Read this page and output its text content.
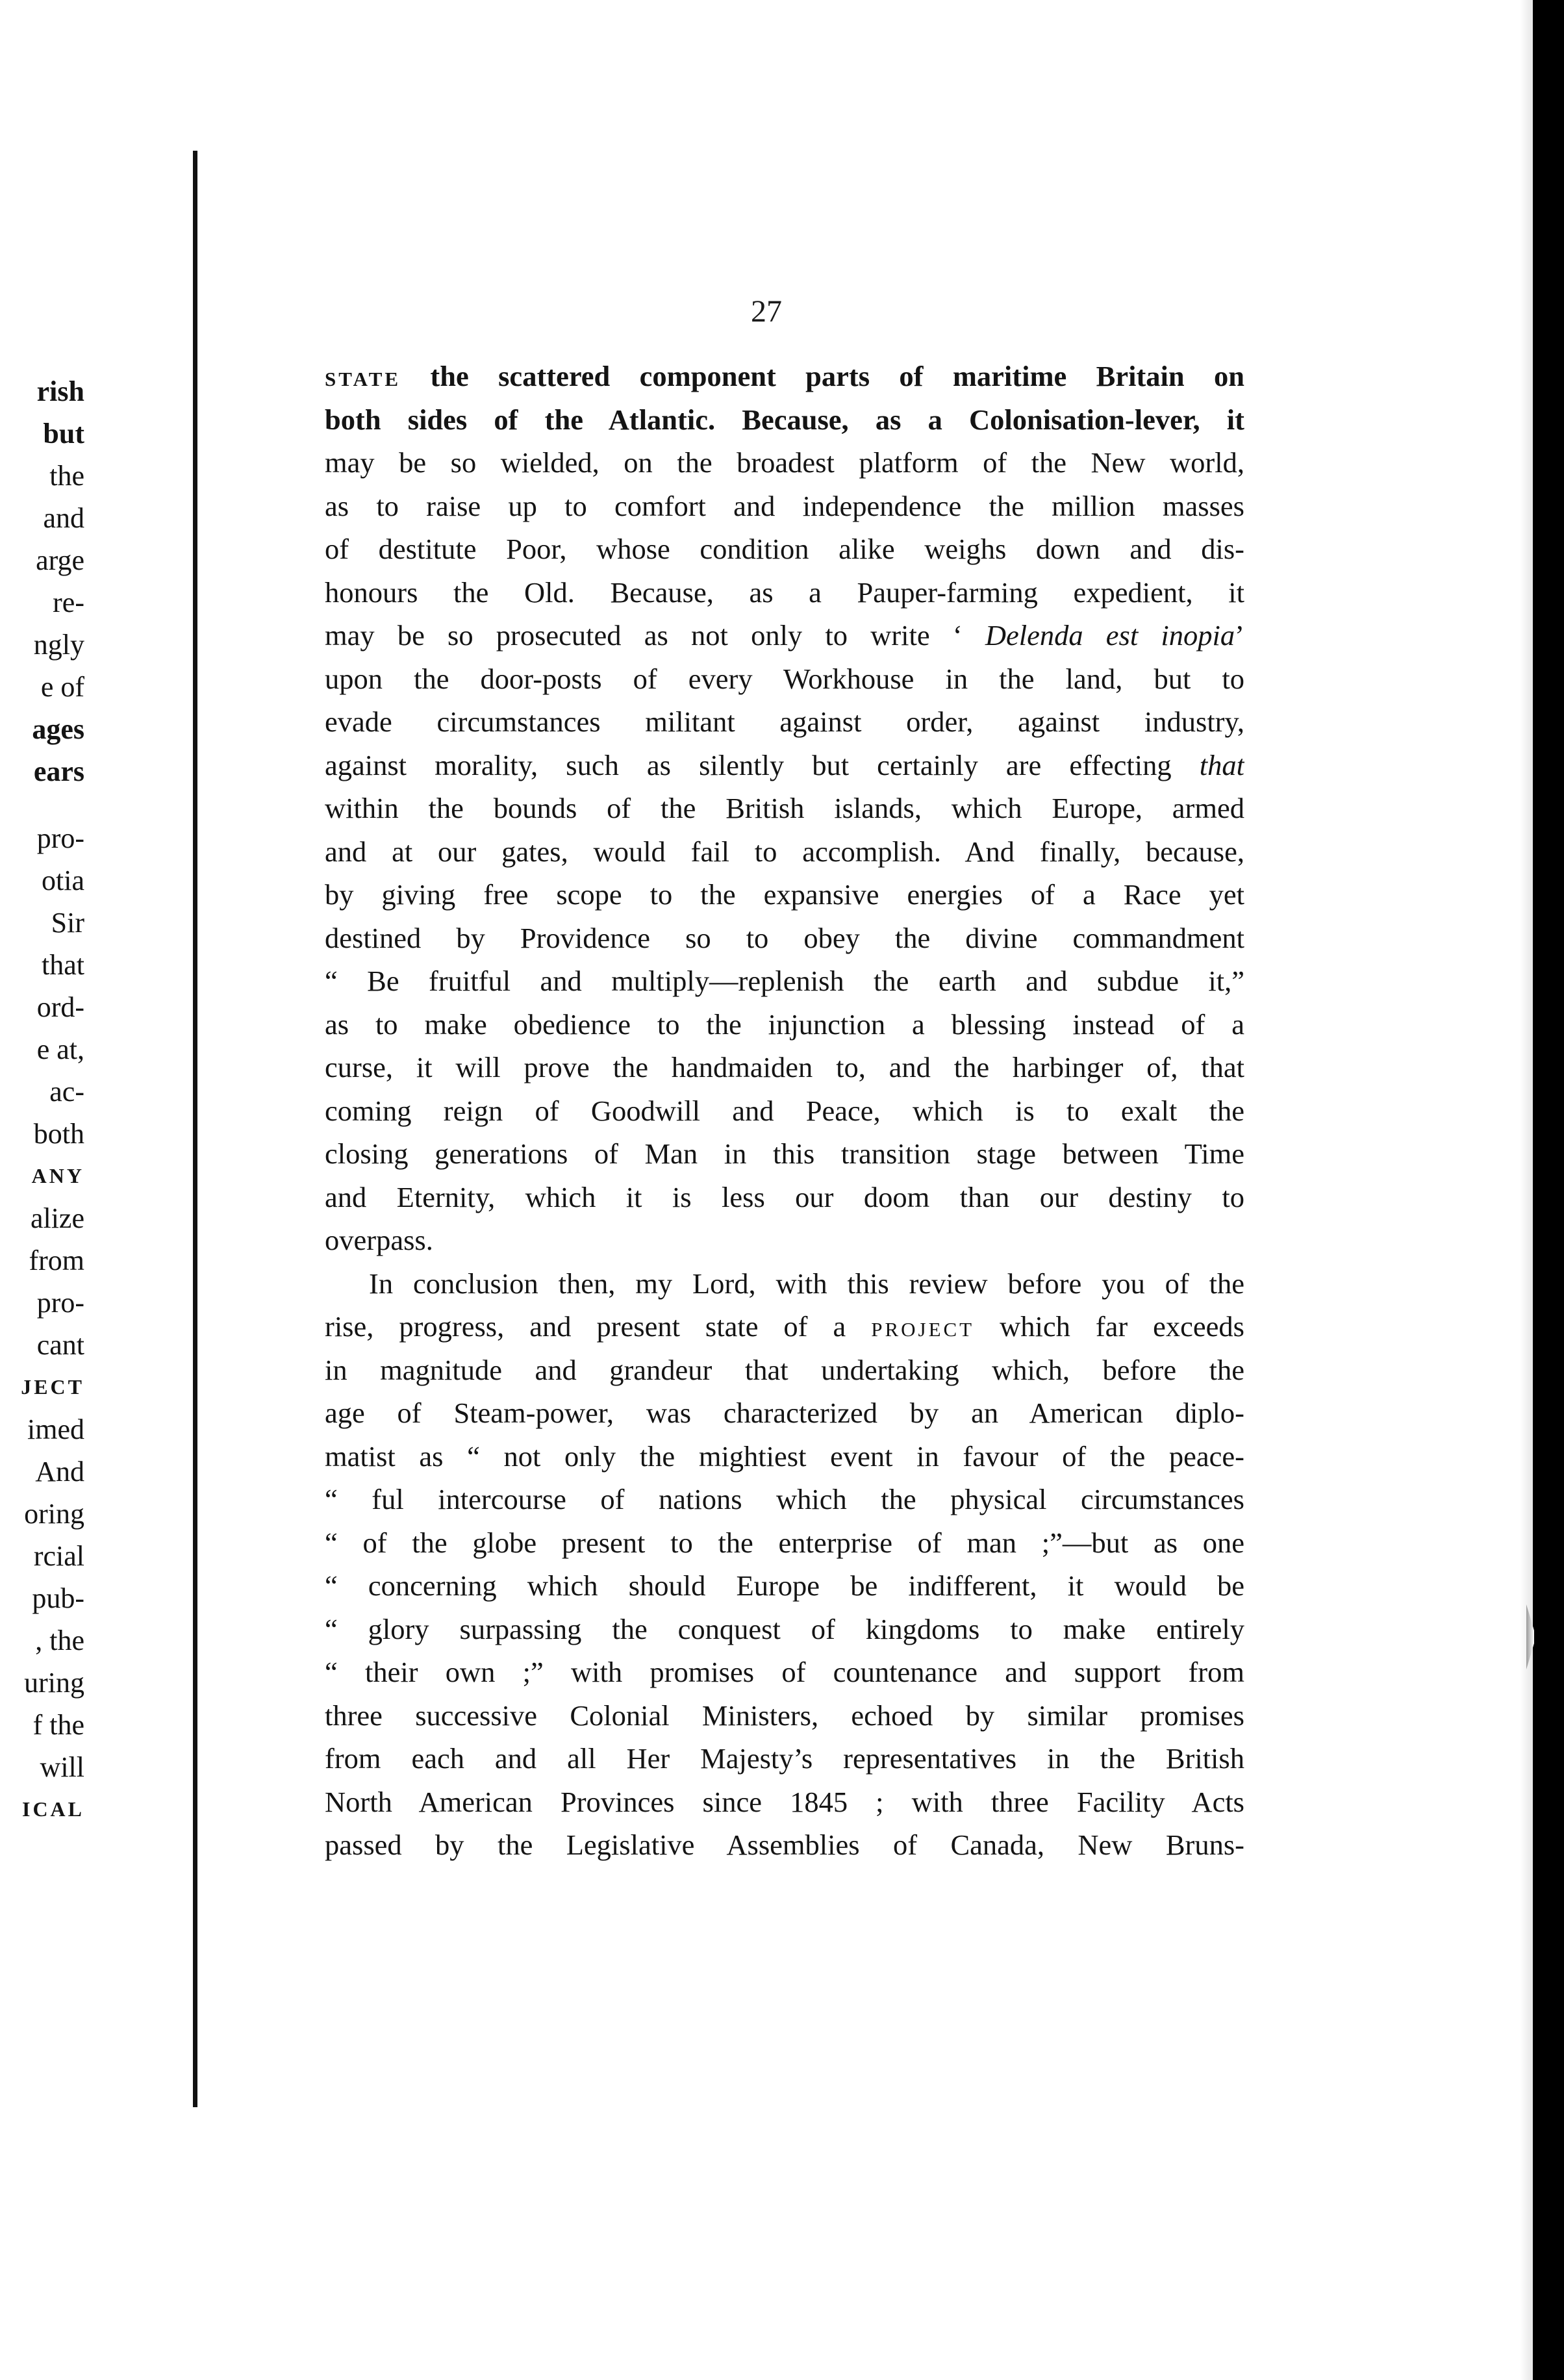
rish
but
the
and
arge
re-
ngly
e of
ages
ears
pro-
otia
Sir
that
ord-
e at,
ac-
both
ANY
alize
from
pro-
cant
JECT
imed
And
oring
rcial
pub-
, the
uring
f the
will
ICAL
27
STATE the scattered component parts of maritime Britain on
both sides of the Atlantic. Because, as a Colonisation-lever, it
may be so wielded, on the broadest platform of the New world,
as to raise up to comfort and independence the million masses
of destitute Poor, whose condition alike weighs down and dis-
honours the Old. Because, as a Pauper-farming expedient, it
may be so prosecuted as not only to write ‘ Delenda est inopia’
upon the door-posts of every Workhouse in the land, but to
evade circumstances militant against order, against industry,
against morality, such as silently but certainly are effecting that
within the bounds of the British islands, which Europe, armed
and at our gates, would fail to accomplish. And finally, because,
by giving free scope to the expansive energies of a Race yet
destined by Providence so to obey the divine commandment
“ Be fruitful and multiply—replenish the earth and subdue it,”
as to make obedience to the injunction a blessing instead of a
curse, it will prove the handmaiden to, and the harbinger of, that
coming reign of Goodwill and Peace, which is to exalt the
closing generations of Man in this transition stage between Time
and Eternity, which it is less our doom than our destiny to
overpass.
In conclusion then, my Lord, with this review before you of the
rise, progress, and present state of a PROJECT which far exceeds
in magnitude and grandeur that undertaking which, before the
age of Steam-power, was characterized by an American diplo-
matist as “ not only the mightiest event in favour of the peace-
“ ful intercourse of nations which the physical circumstances
“ of the globe present to the enterprise of man ;”—but as one
“ concerning which should Europe be indifferent, it would be
“ glory surpassing the conquest of kingdoms to make entirely
“ their own ;” with promises of countenance and support from
three successive Colonial Ministers, echoed by similar promises
from each and all Her Majesty’s representatives in the British
North American Provinces since 1845 ; with three Facility Acts
passed by the Legislative Assemblies of Canada, New Bruns-
